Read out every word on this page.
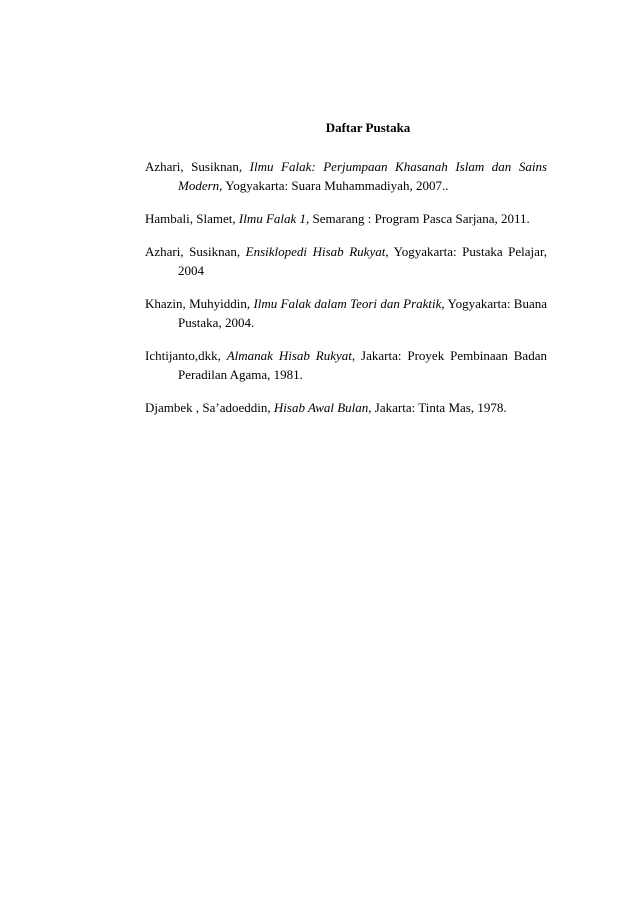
Daftar Pustaka

Azhari, Susiknan, Ilmu Falak: Perjumpaan Khasanah Islam dan Sains Modern, Yogyakarta: Suara Muhammadiyah, 2007..

Hambali, Slamet, Ilmu Falak 1, Semarang : Program Pasca Sarjana, 2011.

Azhari, Susiknan, Ensiklopedi Hisab Rukyat, Yogyakarta: Pustaka Pelajar, 2004

Khazin, Muhyiddin, Ilmu Falak dalam Teori dan Praktik, Yogyakarta: Buana Pustaka, 2004.

Ichtijanto,dkk, Almanak Hisab Rukyat, Jakarta: Proyek Pembinaan Badan Peradilan Agama, 1981.

Djambek , Sa’adoeddin, Hisab Awal Bulan, Jakarta: Tinta Mas, 1978.
